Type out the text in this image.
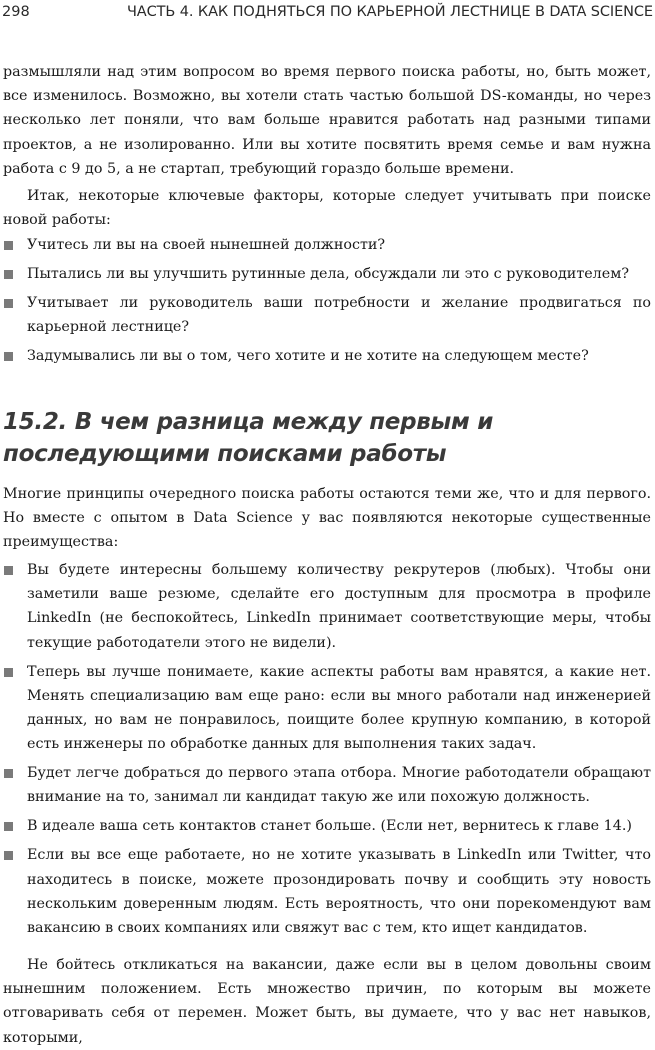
298	ЧАСТЬ 4. КАК ПОДНЯТЬСЯ ПО КАРЬЕРНОЙ ЛЕСТНИЦЕ В DATA SCIENCE

размышляли над этим вопросом во время первого поиска работы, но, быть может, все изменилось. Возможно, вы хотели стать частью большой DS-команды, но через несколько лет поняли, что вам больше нравится работать над разными типами проектов, а не изолированно. Или вы хотите посвятить время семье и вам нужна работа с 9 до 5, а не стартап, требующий гораздо больше времени.

Итак, некоторые ключевые факторы, которые следует учитывать при поиске новой работы:

Учитесь ли вы на своей нынешней должности?
Пытались ли вы улучшить рутинные дела, обсуждали ли это с руководителем?
Учитывает ли руководитель ваши потребности и желание продвигаться по карьерной лестнице?
Задумывались ли вы о том, чего хотите и не хотите на следующем месте?
15.2. В чем разница между первым и последующими поисками работы

Многие принципы очередного поиска работы остаются теми же, что и для первого. Но вместе с опытом в Data Science у вас появляются некоторые существенные преимущества:

Вы будете интересны большему количеству рекрутеров (любых). Чтобы они заметили ваше резюме, сделайте его доступным для просмотра в профиле LinkedIn (не беспокойтесь, LinkedIn принимает соответствующие меры, чтобы текущие работодатели этого не видели).
Теперь вы лучше понимаете, какие аспекты работы вам нравятся, а какие нет. Менять специализацию вам еще рано: если вы много работали над инженерией данных, но вам не понравилось, поищите более крупную компанию, в которой есть инженеры по обработке данных для выполнения таких задач.
Будет легче добраться до первого этапа отбора. Многие работодатели обращают внимание на то, занимал ли кандидат такую же или похожую должность.
В идеале ваша сеть контактов станет больше. (Если нет, вернитесь к главе 14.)
Если вы все еще работаете, но не хотите указывать в LinkedIn или Twitter, что находитесь в поиске, можете прозондировать почву и сообщить эту новость нескольким доверенным людям. Есть вероятность, что они порекомендуют вам вакансию в своих компаниях или свяжут вас с тем, кто ищет кандидатов.

Не бойтесь откликаться на вакансии, даже если вы в целом довольны своим нынешним положением. Есть множество причин, по которым вы можете отговаривать себя от перемен. Может быть, вы думаете, что у вас нет навыков, которыми,
